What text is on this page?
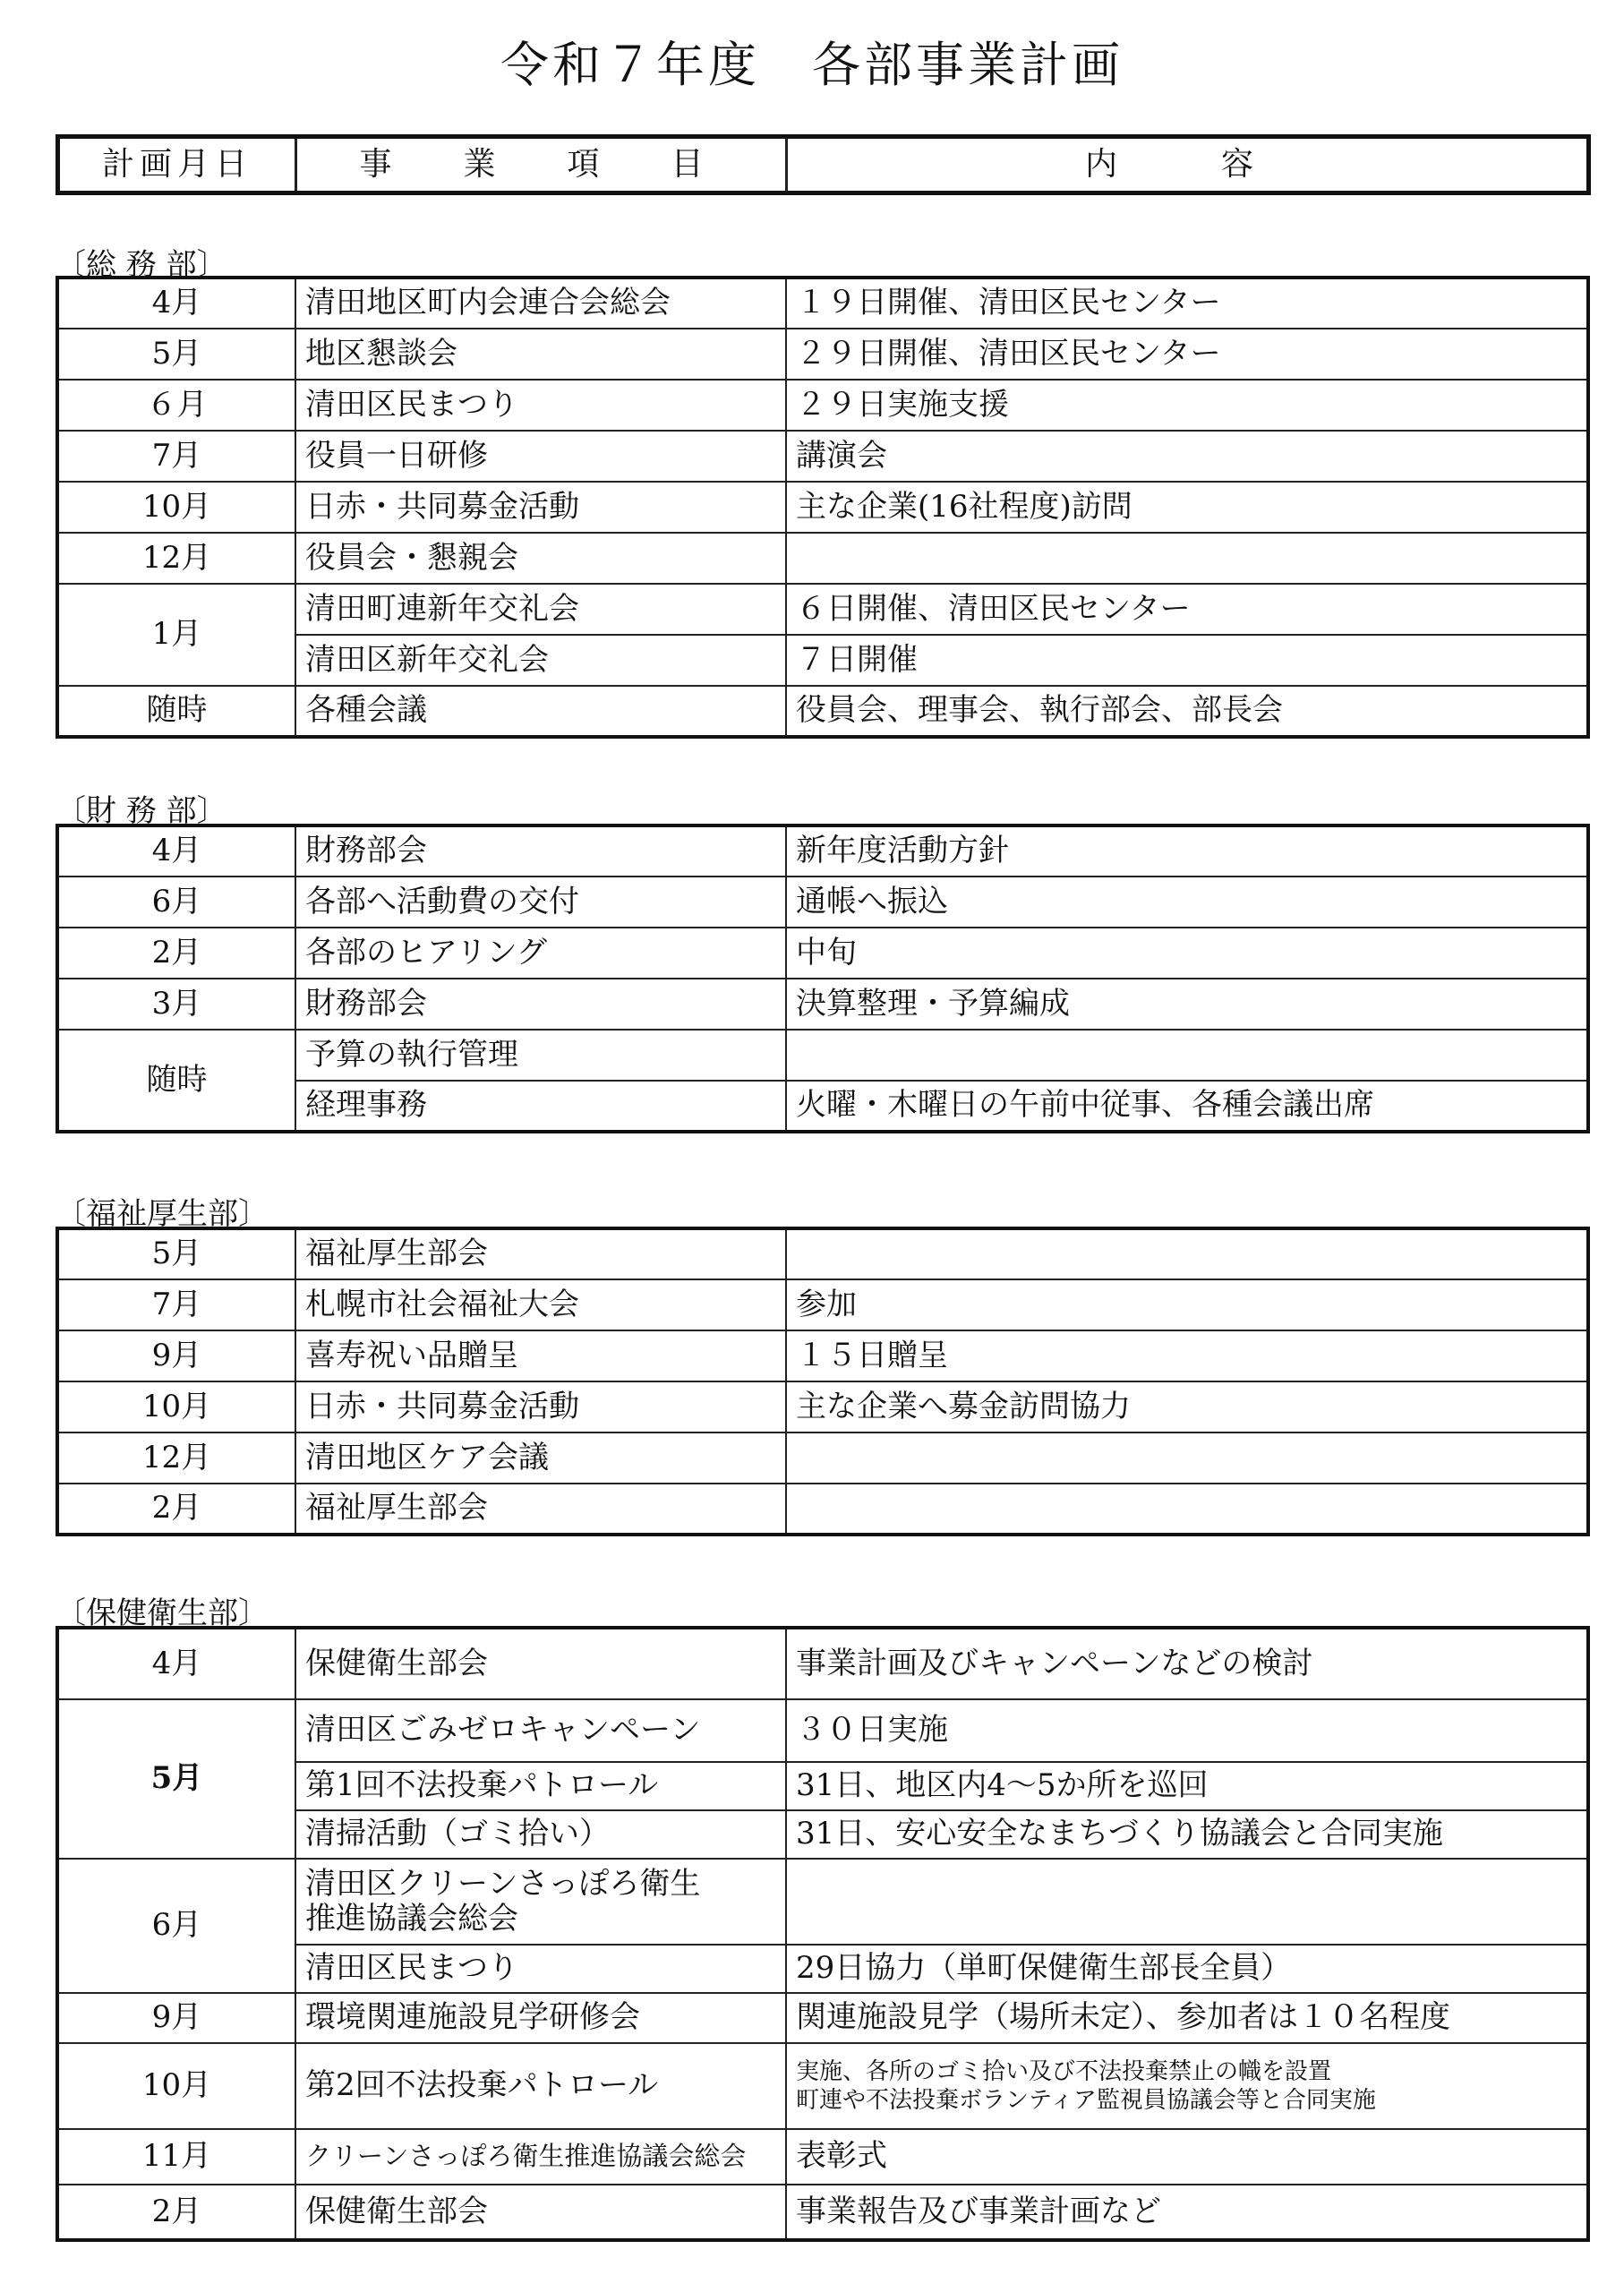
令和７年度　各部事業計画
計画月日	事　業　項　目	内　容
〔総 務 部〕
4月	清田地区町内会連合会総会	１９日開催、清田区民センター
5月	地区懇談会	２９日開催、清田区民センター
６月	清田区民まつり	２９日実施支援
7月	役員一日研修	講演会
10月	日赤・共同募金活動	主な企業(16社程度)訪問
12月	役員会・懇親会	
1月	清田町連新年交礼会	６日開催、清田区民センター
	清田区新年交礼会	７日開催
随時	各種会議	役員会、理事会、執行部会、部長会
〔財 務 部〕
4月	財務部会	新年度活動方針
6月	各部へ活動費の交付	通帳へ振込
2月	各部のヒアリング	中旬
3月	財務部会	決算整理・予算編成
随時	予算の執行管理	
	経理事務	火曜・木曜日の午前中従事、各種会議出席
〔福祉厚生部〕
5月	福祉厚生部会	
7月	札幌市社会福祉大会	参加
9月	喜寿祝い品贈呈	１５日贈呈
10月	日赤・共同募金活動	主な企業へ募金訪問協力
12月	清田地区ケア会議	
2月	福祉厚生部会	
〔保健衛生部〕
4月	保健衛生部会	事業計画及びキャンペーンなどの検討
5月	清田区ごみゼロキャンペーン	３０日実施
	第1回不法投棄パトロール	31日、地区内4～5か所を巡回
	清掃活動（ゴミ拾い）	31日、安心安全なまちづくり協議会と合同実施
6月	清田区クリーンさっぽろ衛生
推進協議会総会	

	清田区民まつり	29日協力（単町保健衛生部長全員）
9月	環境関連施設見学研修会	関連施設見学（場所未定）、参加者は１０名程度
10月	第2回不法投棄パトロール	実施、各所のゴミ拾い及び不法投棄禁止の幟を設置
町連や不法投棄ボランティア監視員協議会等と合同実施

11月	クリーンさっぽろ衛生推進協議会総会	表彰式
2月	保健衛生部会	事業報告及び事業計画など
